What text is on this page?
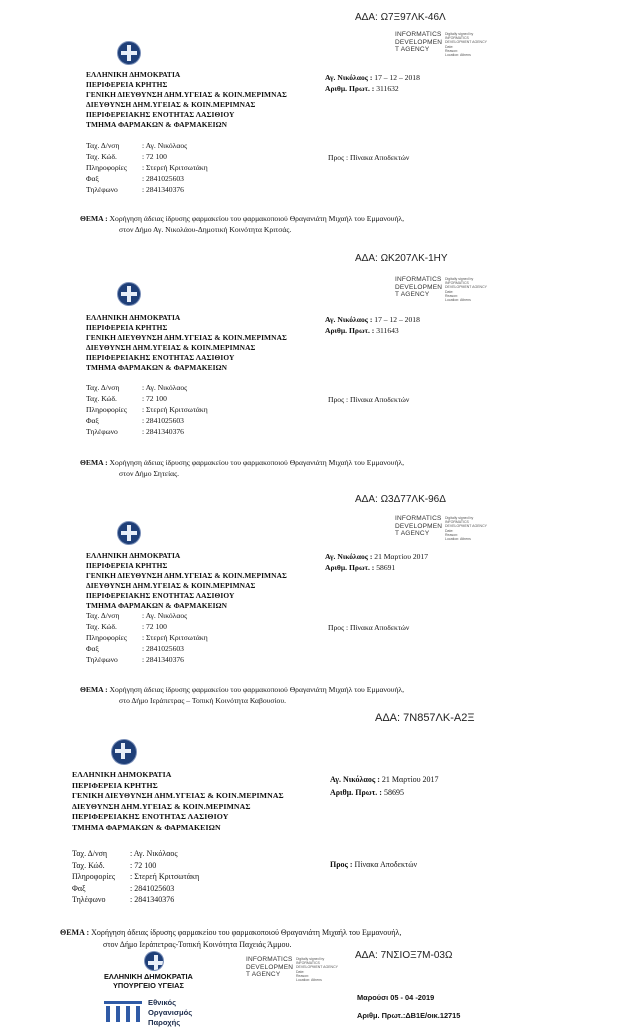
ΑΔΑ: Ω7Ξ97ΛΚ-46Λ
INFORMATICS
DEVELOPMEN
T AGENCY
Digitally signed by
INFORMATICS
DEVELOPMENT AGENCY
Date:
Reason:
Location: Athens
ΕΛΛΗΝΙΚΗ ΔΗΜΟΚΡΑΤΙΑ
ΠΕΡΙΦΕΡΕΙΑ ΚΡΗΤΗΣ
ΓΕΝΙΚΗ ΔΙΕΥΘΥΝΣΗ ΔΗΜ.ΥΓΕΙΑΣ & ΚΟΙΝ.ΜΕΡΙΜΝΑΣ
ΔΙΕΥΘΥΝΣΗ ΔΗΜ.ΥΓΕΙΑΣ & ΚΟΙΝ.ΜΕΡΙΜΝΑΣ
ΠΕΡΙΦΕΡΕΙΑΚΗΣ ΕΝΟΤΗΤΑΣ ΛΑΣΙΘΙΟΥ
ΤΜΗΜΑ ΦΑΡΜΑΚΩΝ & ΦΑΡΜΑΚΕΙΩΝ
Αγ. Νικόλαος : 17 – 12 – 2018
Αριθμ. Πρωτ. : 311632
Ταχ. Δ/νση	: Αγ. Νικόλαος
Ταχ. Κώδ.	: 72 100
Πληροφορίες : Στερεή Κριτσωτάκη
Φαξ	: 2841025603
Τηλέφωνο	: 2841340376
Προς : Πίνακα Αποδεκτών
ΘΕΜΑ : Χορήγηση άδειας ίδρυσης φαρμακείου του φαρμακοποιού Θραγανιάτη Μιχαήλ του Εμμανουήλ,
στον Δήμο Αγ. Νικολάου-Δημοτική Κοινότητα Κριτσάς.
ΑΔΑ: ΩΚ207ΛΚ-1ΗΥ
INFORMATICS
DEVELOPMEN
T AGENCY
Digitally signed by
INFORMATICS
DEVELOPMENT AGENCY
Date:
Reason:
Location: Athens
ΕΛΛΗΝΙΚΗ ΔΗΜΟΚΡΑΤΙΑ
ΠΕΡΙΦΕΡΕΙΑ ΚΡΗΤΗΣ
ΓΕΝΙΚΗ ΔΙΕΥΘΥΝΣΗ ΔΗΜ.ΥΓΕΙΑΣ & ΚΟΙΝ.ΜΕΡΙΜΝΑΣ
ΔΙΕΥΘΥΝΣΗ ΔΗΜ.ΥΓΕΙΑΣ & ΚΟΙΝ.ΜΕΡΙΜΝΑΣ
ΠΕΡΙΦΕΡΕΙΑΚΗΣ ΕΝΟΤΗΤΑΣ ΛΑΣΙΘΙΟΥ
ΤΜΗΜΑ ΦΑΡΜΑΚΩΝ & ΦΑΡΜΑΚΕΙΩΝ
Αγ. Νικόλαος : 17 – 12 – 2018
Αριθμ. Πρωτ. : 311643
Ταχ. Δ/νση	: Αγ. Νικόλαος
Ταχ. Κώδ.	: 72 100
Πληροφορίες : Στερεή Κριτσωτάκη
Φαξ	: 2841025603
Τηλέφωνο	: 2841340376
Προς : Πίνακα Αποδεκτών
ΘΕΜΑ : Χορήγηση άδειας ίδρυσης φαρμακείου του φαρμακοποιού Θραγανιάτη Μιχαήλ του Εμμανουήλ,
στον Δήμο Σητείας.
ΑΔΑ: Ω3Δ77ΛΚ-96Δ
INFORMATICS
DEVELOPMEN
T AGENCY
Digitally signed by
INFORMATICS
DEVELOPMENT AGENCY
Date:
Reason:
Location: Athens
ΕΛΛΗΝΙΚΗ ΔΗΜΟΚΡΑΤΙΑ
ΠΕΡΙΦΕΡΕΙΑ ΚΡΗΤΗΣ
ΓΕΝΙΚΗ ΔΙΕΥΘΥΝΣΗ ΔΗΜ.ΥΓΕΙΑΣ & ΚΟΙΝ.ΜΕΡΙΜΝΑΣ
ΔΙΕΥΘΥΝΣΗ ΔΗΜ.ΥΓΕΙΑΣ & ΚΟΙΝ.ΜΕΡΙΜΝΑΣ
ΠΕΡΙΦΕΡΕΙΑΚΗΣ ΕΝΟΤΗΤΑΣ ΛΑΣΙΘΙΟΥ
ΤΜΗΜΑ ΦΑΡΜΑΚΩΝ & ΦΑΡΜΑΚΕΙΩΝ
Αγ. Νικόλαος : 21 Μαρτίου 2017
Αριθμ. Πρωτ. : 58691
Ταχ. Δ/νση	: Αγ. Νικόλαος
Ταχ. Κώδ.	: 72 100
Πληροφορίες : Στερεή Κριτσωτάκη
Φαξ	: 2841025603
Τηλέφωνο	: 2841340376
Προς : Πίνακα Αποδεκτών
ΘΕΜΑ : Χορήγηση άδειας ίδρυσης φαρμακείου του φαρμακοποιού Θραγανιάτη Μιχαήλ του Εμμανουήλ,
στο Δήμο Ιεράπετρας – Τοπική Κοινότητα Καβουσίου.
ΑΔΑ: 7Ν857ΛΚ-Α2Ξ
ΕΛΛΗΝΙΚΗ ΔΗΜΟΚΡΑΤΙΑ
ΠΕΡΙΦΕΡΕΙΑ ΚΡΗΤΗΣ
ΓΕΝΙΚΗ ΔΙΕΥΘΥΝΣΗ ΔΗΜ.ΥΓΕΙΑΣ & ΚΟΙΝ.ΜΕΡΙΜΝΑΣ
ΔΙΕΥΘΥΝΣΗ ΔΗΜ.ΥΓΕΙΑΣ & ΚΟΙΝ.ΜΕΡΙΜΝΑΣ
ΠΕΡΙΦΕΡΕΙΑΚΗΣ ΕΝΟΤΗΤΑΣ ΛΑΣΙΘΙΟΥ
ΤΜΗΜΑ ΦΑΡΜΑΚΩΝ & ΦΑΡΜΑΚΕΙΩΝ
Αγ. Νικόλαος : 21 Μαρτίου 2017
Αριθμ. Πρωτ. : 58695
Ταχ. Δ/νση	: Αγ. Νικόλαος
Ταχ. Κώδ.	: 72 100
Πληροφορίες : Στερεή Κριτσωτάκη
Φαξ	: 2841025603
Τηλέφωνο	: 2841340376
Προς : Πίνακα Αποδεκτών
ΘΕΜΑ : Χορήγηση άδειας ίδρυσης φαρμακείου του φαρμακοποιού Θραγανιάτη Μιχαήλ του Εμμανουήλ,
στον Δήμο Ιεράπετρας-Τοπική Κοινότητα Παχειάς Άμμου.
ΕΛΛΗΝΙΚΗ ΔΗΜΟΚΡΑΤΙΑ
ΥΠΟΥΡΓΕΙΟ ΥΓΕΙΑΣ
INFORMATICS
DEVELOPMEN
T AGENCY
Digitally signed by
INFORMATICS
DEVELOPMENT AGENCY
Date:
Reason:
Location: Athens
ΑΔΑ: 7ΝΣΙΟΞ7Μ-03Ω
Εθνικός
Οργανισμός
Παροχής
Μαρούσι 05 - 04 -2019
Αριθμ. Πρωτ.:ΔΒ1Ε/οικ.12715
